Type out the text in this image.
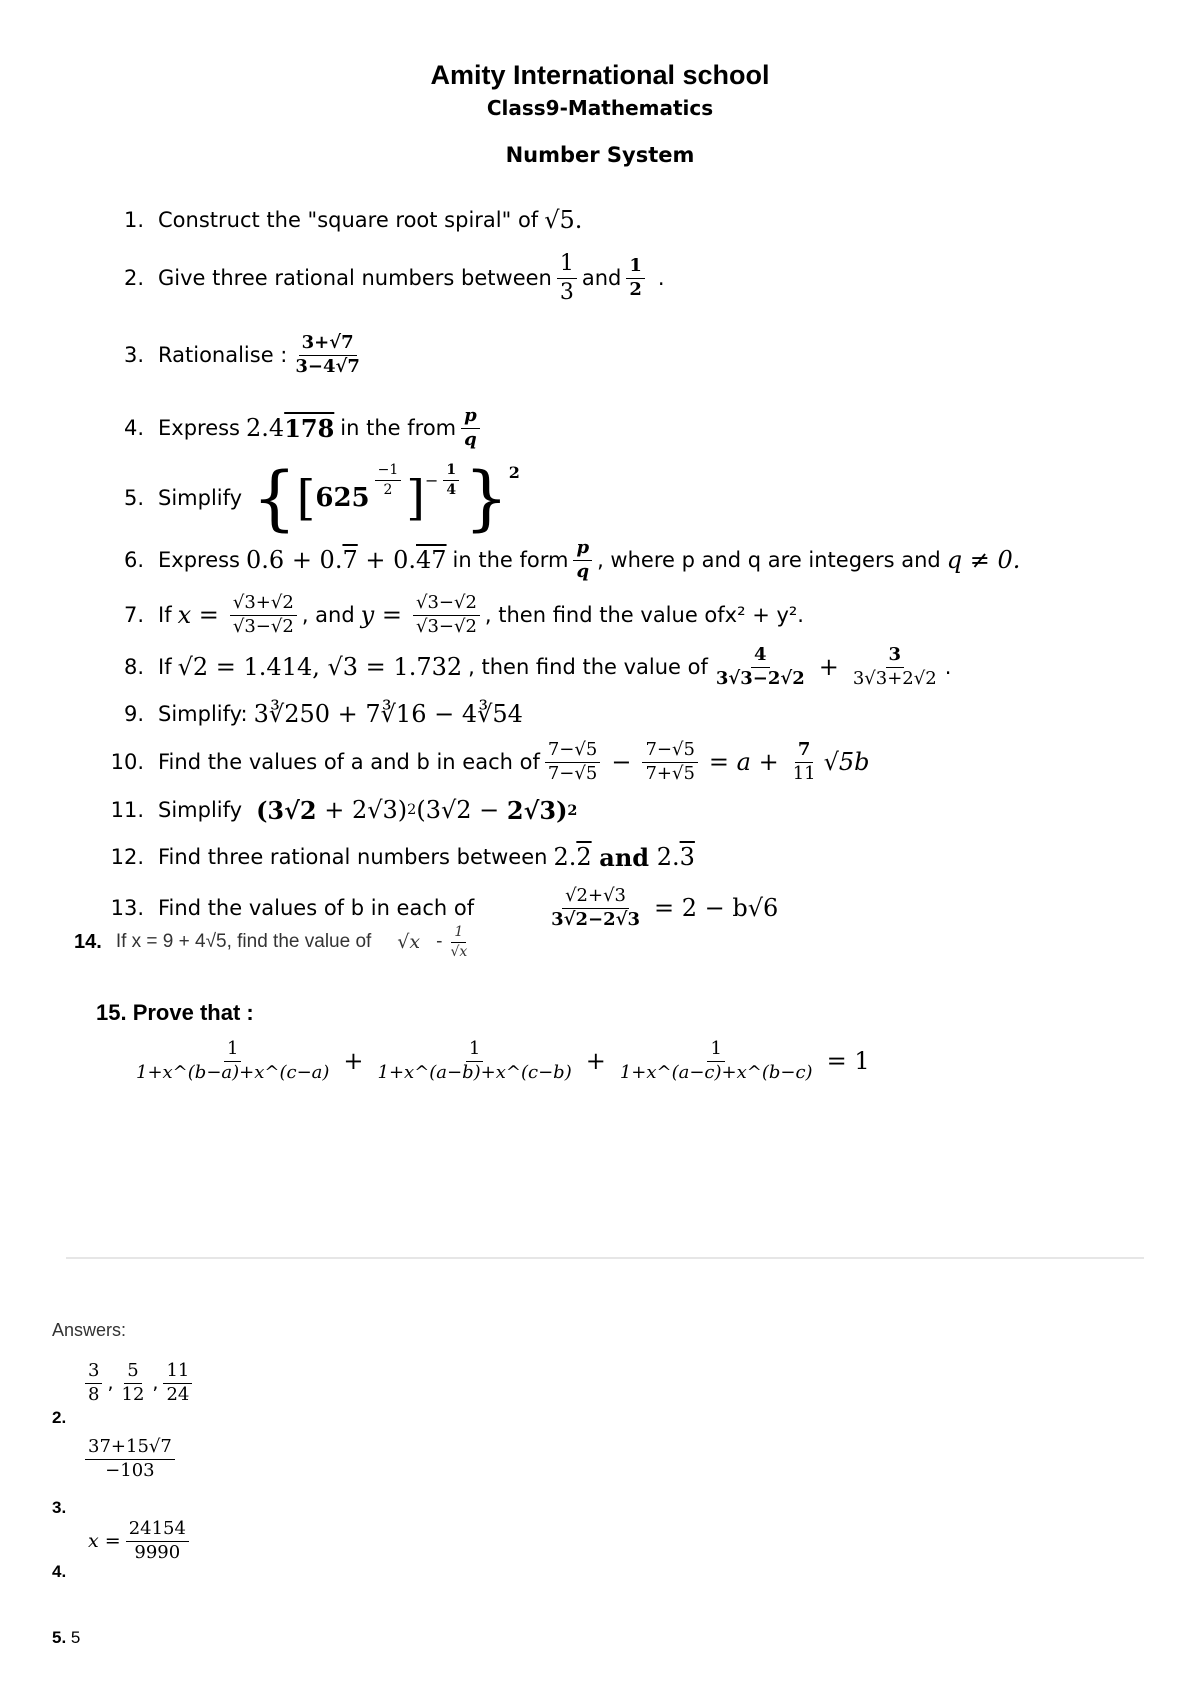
Amity International school
Class9-Mathematics
Number System
1. Construct the "square root spiral" of √5.
2. Give three rational numbers between $\frac{1}{3}$ and $\frac{1}{2}$ .
3. Rationalise : $\frac{3+√7}{3-4√7}$
4. Express 2.4 178 in the from $\frac{p}{q}$
5. Simplify { [ 625
$\frac{-1}{2}$ ] − $\frac{1}{4}$ } 2
6. Express 0.6 + 0. 7 + 0. 47 in the form $\frac{p}{q}$ , where p and q are integers and q ≠ 0.
7. If $x = \frac{√3+√2}{√3-√2}$ , and $y = \frac{√3-√2}{√3-√2}$ , then find the value of x² + y².
8. If √2 = 1.414, √3 = 1.732 , then find the value of $\frac{4}{3√3-2√2} + \frac{3}{3√3+2√2}$ .
9. Simplify: 3∛250 + 7∛16 − 4∛54
10. Find the values of a and b in each of $\frac{7-√5}{7-√5} - \frac{7-√5}{7+√5} = a + \frac{7}{11} √5b$
11. Simplify (3√2 + 2√3) 2 (3√2 − 2√3) 2
12. Find three rational numbers between 2. 2
and
2. 3
13. Find the values of b in each of	$\frac{√2+√3}{3√2-2√3} = 2 - b√6$
14. If x = 9 + 4√5, find the value of $√x - \frac{1}{√x}$
15. Prove that :
$\frac{1}{1+x\^{}(b-a)+x\^{}(c-a)} + \frac{1}{1+x\^{}(a-b)+x\^{}(c-b)} + \frac{1}{1+x\^{}(a-c)+x\^{}(b-c)} = 1$
Answers:
$\frac{3}{8}$ , $\frac{5}{12}$ , $\frac{11}{24}$
2.
$\frac{37+15√7}{-103}$
3.
$x = \frac{24154}{9990}$
4.
5. 5
